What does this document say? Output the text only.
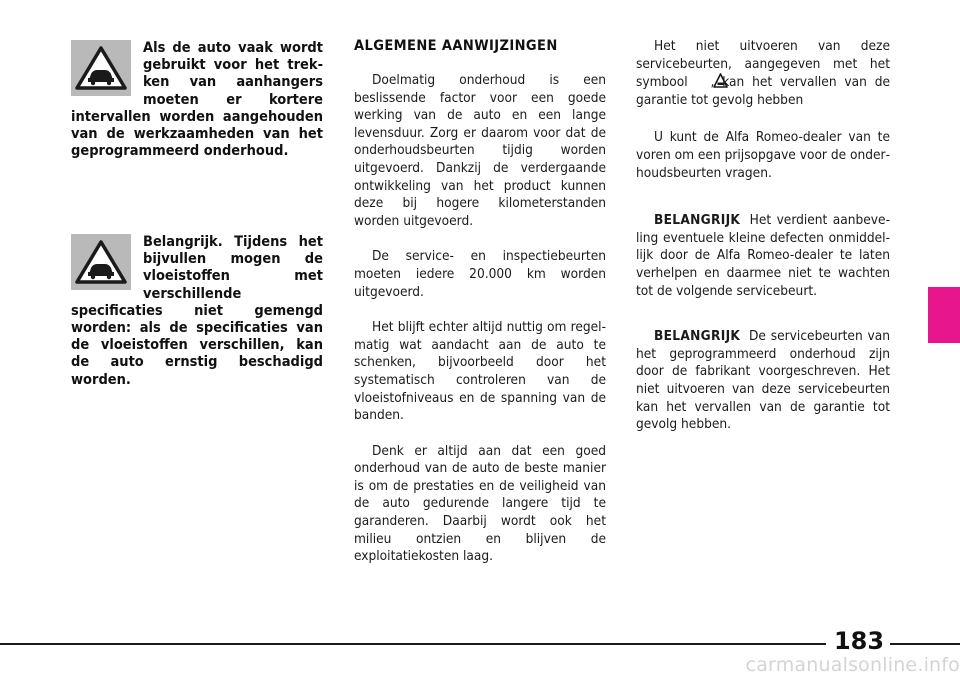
Als de auto vaak wordt gebruikt voor het trekken van aanhangers moeten er kortere intervallen worden aangehouden van de werkzaamheden van het geprogrammeerd onderhoud.

Belangrijk. Tijdens het bijvullen mogen de vloeistoffen met verschillende specificaties niet gemengd worden: als de specificaties van de vloeistoffen verschillen, kan de auto ernstig beschadigd worden.

ALGEMENE AANWIJZINGEN

Doelmatig onderhoud is een beslissende factor voor een goede werking van de auto en een lange levensduur. Zorg er daarom voor dat de onderhoudsbeurten tijdig worden uitgevoerd. Dankzij de verdergaande ontwikkeling van het product kunnen deze bij hogere kilometerstanden worden uitgevoerd.

De service- en inspectiebeurten moeten iedere 20.000 km worden uitgevoerd.

Het blijft echter altijd nuttig om regelmatig wat aandacht aan de auto te schenken, bijvoorbeeld door het systematisch controleren van de vloeistofniveaus en de spanning van de banden.

Denk er altijd aan dat een goed onderhoud van de auto de beste manier is om de prestaties en de veiligheid van de auto gedurende langere tijd te garanderen. Daarbij wordt ook het milieu ontzien en blijven de exploitatiekosten laag.

Het niet uitvoeren van deze servicebeurten, aangegeven met het symbool , kan het vervallen van de garantie tot gevolg hebben

U kunt de Alfa Romeo-dealer van te voren om een prijsopgave voor de onderhoudsbeurten vragen.

BELANGRIJK Het verdient aanbeveling eventuele kleine defecten onmiddellijk door de Alfa Romeo-dealer te laten verhelpen en daarmee niet te wachten tot de volgende servicebeurt.

BELANGRIJK De servicebeurten van het geprogrammeerd onderhoud zijn door de fabrikant voorgeschreven. Het niet uitvoeren van deze servicebeurten kan het vervallen van de garantie tot gevolg hebben.

183
carmanualsonline.info
